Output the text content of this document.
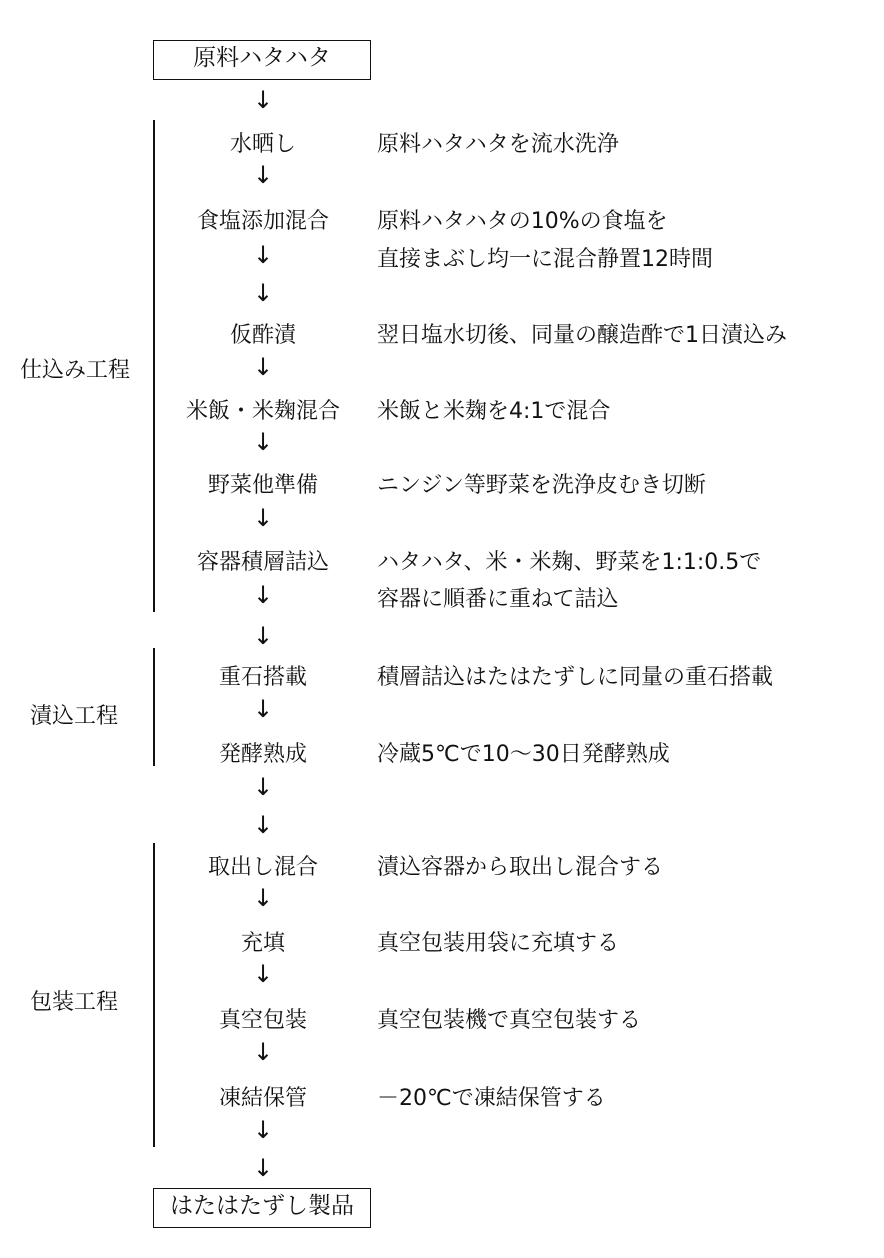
原料ハタハタ
仕込み工程
漬込工程
包装工程
↓
↓
↓
↓
↓
↓
↓
↓
↓
↓
↓
↓
↓
↓
↓
↓
↓
水晒し
食塩添加混合
仮酢漬
米飯・米麹混合
野菜他準備
容器積層詰込
重石搭載
発酵熟成
取出し混合
充填
真空包装
凍結保管
原料ハタハタを流水洗浄
原料ハタハタの10%の食塩を
直接まぶし均一に混合静置12時間
翌日塩水切後、同量の醸造酢で1日漬込み
米飯と米麹を4:1で混合
ニンジン等野菜を洗浄皮むき切断
ハタハタ、米・米麹、野菜を1:1:0.5で
容器に順番に重ねて詰込
積層詰込はたはたずしに同量の重石搭載
冷蔵5℃で10～30日発酵熟成
漬込容器から取出し混合する
真空包装用袋に充填する
真空包装機で真空包装する
－20℃で凍結保管する
はたはたずし製品
